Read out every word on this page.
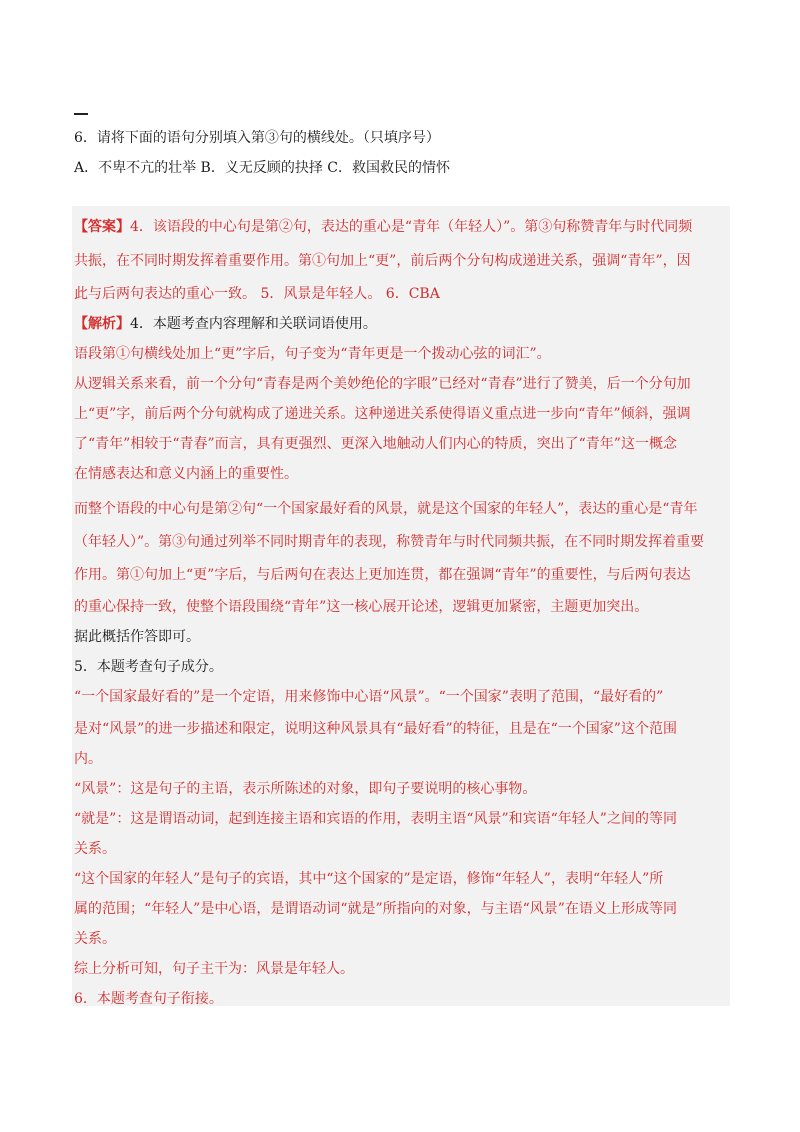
6．请将下面的语句分别填入第③句的横线处。（只填序号）
A．不卑不亢的壮举 B．义无反顾的抉择 C．救国救民的情怀
【答案】4．该语段的中心句是第②句，表达的重心是“青年（年轻人）”。第③句称赞青年与时代同频
共振，在不同时期发挥着重要作用。第①句加上“更”，前后两个分句构成递进关系，强调“青年”，因
此与后两句表达的重心一致。 5．风景是年轻人。 6．CBA
【解析】4．本题考查内容理解和关联词语使用。
语段第①句横线处加上“更”字后，句子变为“青年更是一个拨动心弦的词汇”。
从逻辑关系来看，前一个分句“青春是两个美妙绝伦的字眼”已经对“青春”进行了赞美，后一个分句加
上“更”字，前后两个分句就构成了递进关系。这种递进关系使得语义重点进一步向“青年”倾斜，强调
了“青年”相较于“青春”而言，具有更强烈、更深入地触动人们内心的特质，突出了“青年”这一概念
在情感表达和意义内涵上的重要性。
而整个语段的中心句是第②句“一个国家最好看的风景，就是这个国家的年轻人”，表达的重心是“青年
（年轻人）”。第③句通过列举不同时期青年的表现，称赞青年与时代同频共振，在不同时期发挥着重要
作用。第①句加上“更”字后，与后两句在表达上更加连贯，都在强调“青年”的重要性，与后两句表达
的重心保持一致，使整个语段围绕“青年”这一核心展开论述，逻辑更加紧密，主题更加突出。
据此概括作答即可。
5．本题考查句子成分。
“一个国家最好看的”是一个定语，用来修饰中心语“风景”。“一个国家”表明了范围，“最好看的”
是对“风景”的进一步描述和限定，说明这种风景具有“最好看”的特征，且是在“一个国家”这个范围
内。
“风景”：这是句子的主语，表示所陈述的对象，即句子要说明的核心事物。
“就是”：这是谓语动词，起到连接主语和宾语的作用，表明主语“风景”和宾语“年轻人”之间的等同
关系。
“这个国家的年轻人”是句子的宾语，其中“这个国家的”是定语，修饰“年轻人”，表明“年轻人”所
属的范围；“年轻人”是中心语，是谓语动词“就是”所指向的对象，与主语“风景”在语义上形成等同
关系。
综上分析可知，句子主干为：风景是年轻人。
6．本题考查句子衔接。
